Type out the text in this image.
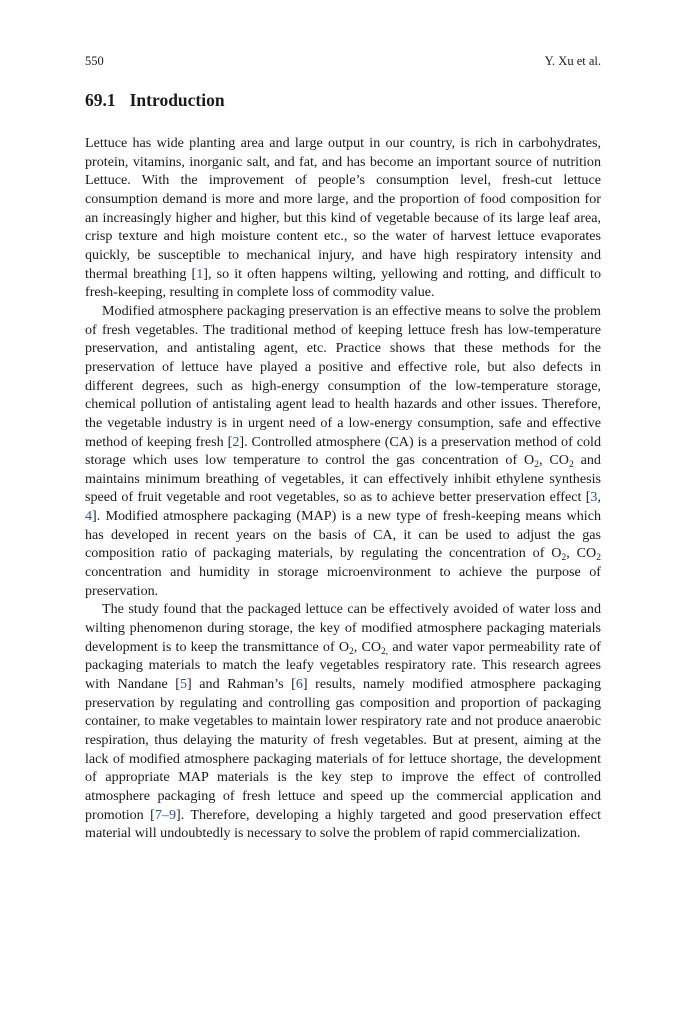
550	Y. Xu et al.
69.1 Introduction

Lettuce has wide planting area and large output in our country, is rich in carbohydrates, protein, vitamins, inorganic salt, and fat, and has become an important source of nutrition Lettuce. With the improvement of people’s consumption level, fresh-cut lettuce consumption demand is more and more large, and the proportion of food composition for an increasingly higher and higher, but this kind of vegetable because of its large leaf area, crisp texture and high moisture content etc., so the water of harvest lettuce evaporates quickly, be susceptible to mechanical injury, and have high respiratory intensity and thermal breathing [1], so it often happens wilting, yellowing and rotting, and difficult to fresh-keeping, resulting in complete loss of commodity value.

Modified atmosphere packaging preservation is an effective means to solve the problem of fresh vegetables. The traditional method of keeping lettuce fresh has low-temperature preservation, and antistaling agent, etc. Practice shows that these methods for the preservation of lettuce have played a positive and effective role, but also defects in different degrees, such as high-energy consumption of the low-temperature storage, chemical pollution of antistaling agent lead to health hazards and other issues. Therefore, the vegetable industry is in urgent need of a low-energy consumption, safe and effective method of keeping fresh [2]. Controlled atmosphere (CA) is a preservation method of cold storage which uses low temperature to control the gas concentration of $O_2$, $CO_2$ and maintains minimum breathing of vegetables, it can effectively inhibit ethylene synthesis speed of fruit vegetable and root vegetables, so as to achieve better preservation effect [3, 4]. Modified atmosphere packaging (MAP) is a new type of fresh-keeping means which has developed in recent years on the basis of CA, it can be used to adjust the gas composition ratio of packaging materials, by regulating the concentration of $O_2$, $CO_2$ concentration and humidity in storage microenvironment to achieve the purpose of preservation.

The study found that the packaged lettuce can be effectively avoided of water loss and wilting phenomenon during storage, the key of modified atmosphere packaging materials development is to keep the transmittance of $O_2$, $CO_{2,}$ and water vapor permeability rate of packaging materials to match the leafy vegetables respiratory rate. This research agrees with Nandane [5] and Rahman’s [6] results, namely modified atmosphere packaging preservation by regulating and controlling gas composition and proportion of packaging container, to make vegetables to maintain lower respiratory rate and not produce anaerobic respiration, thus delaying the maturity of fresh vegetables. But at present, aiming at the lack of modified atmosphere packaging materials of for lettuce shortage, the development of appropriate MAP materials is the key step to improve the effect of controlled atmosphere packaging of fresh lettuce and speed up the commercial application and promotion [7–9]. Therefore, developing a highly targeted and good preservation effect material will undoubtedly is necessary to solve the problem of rapid commercialization.
